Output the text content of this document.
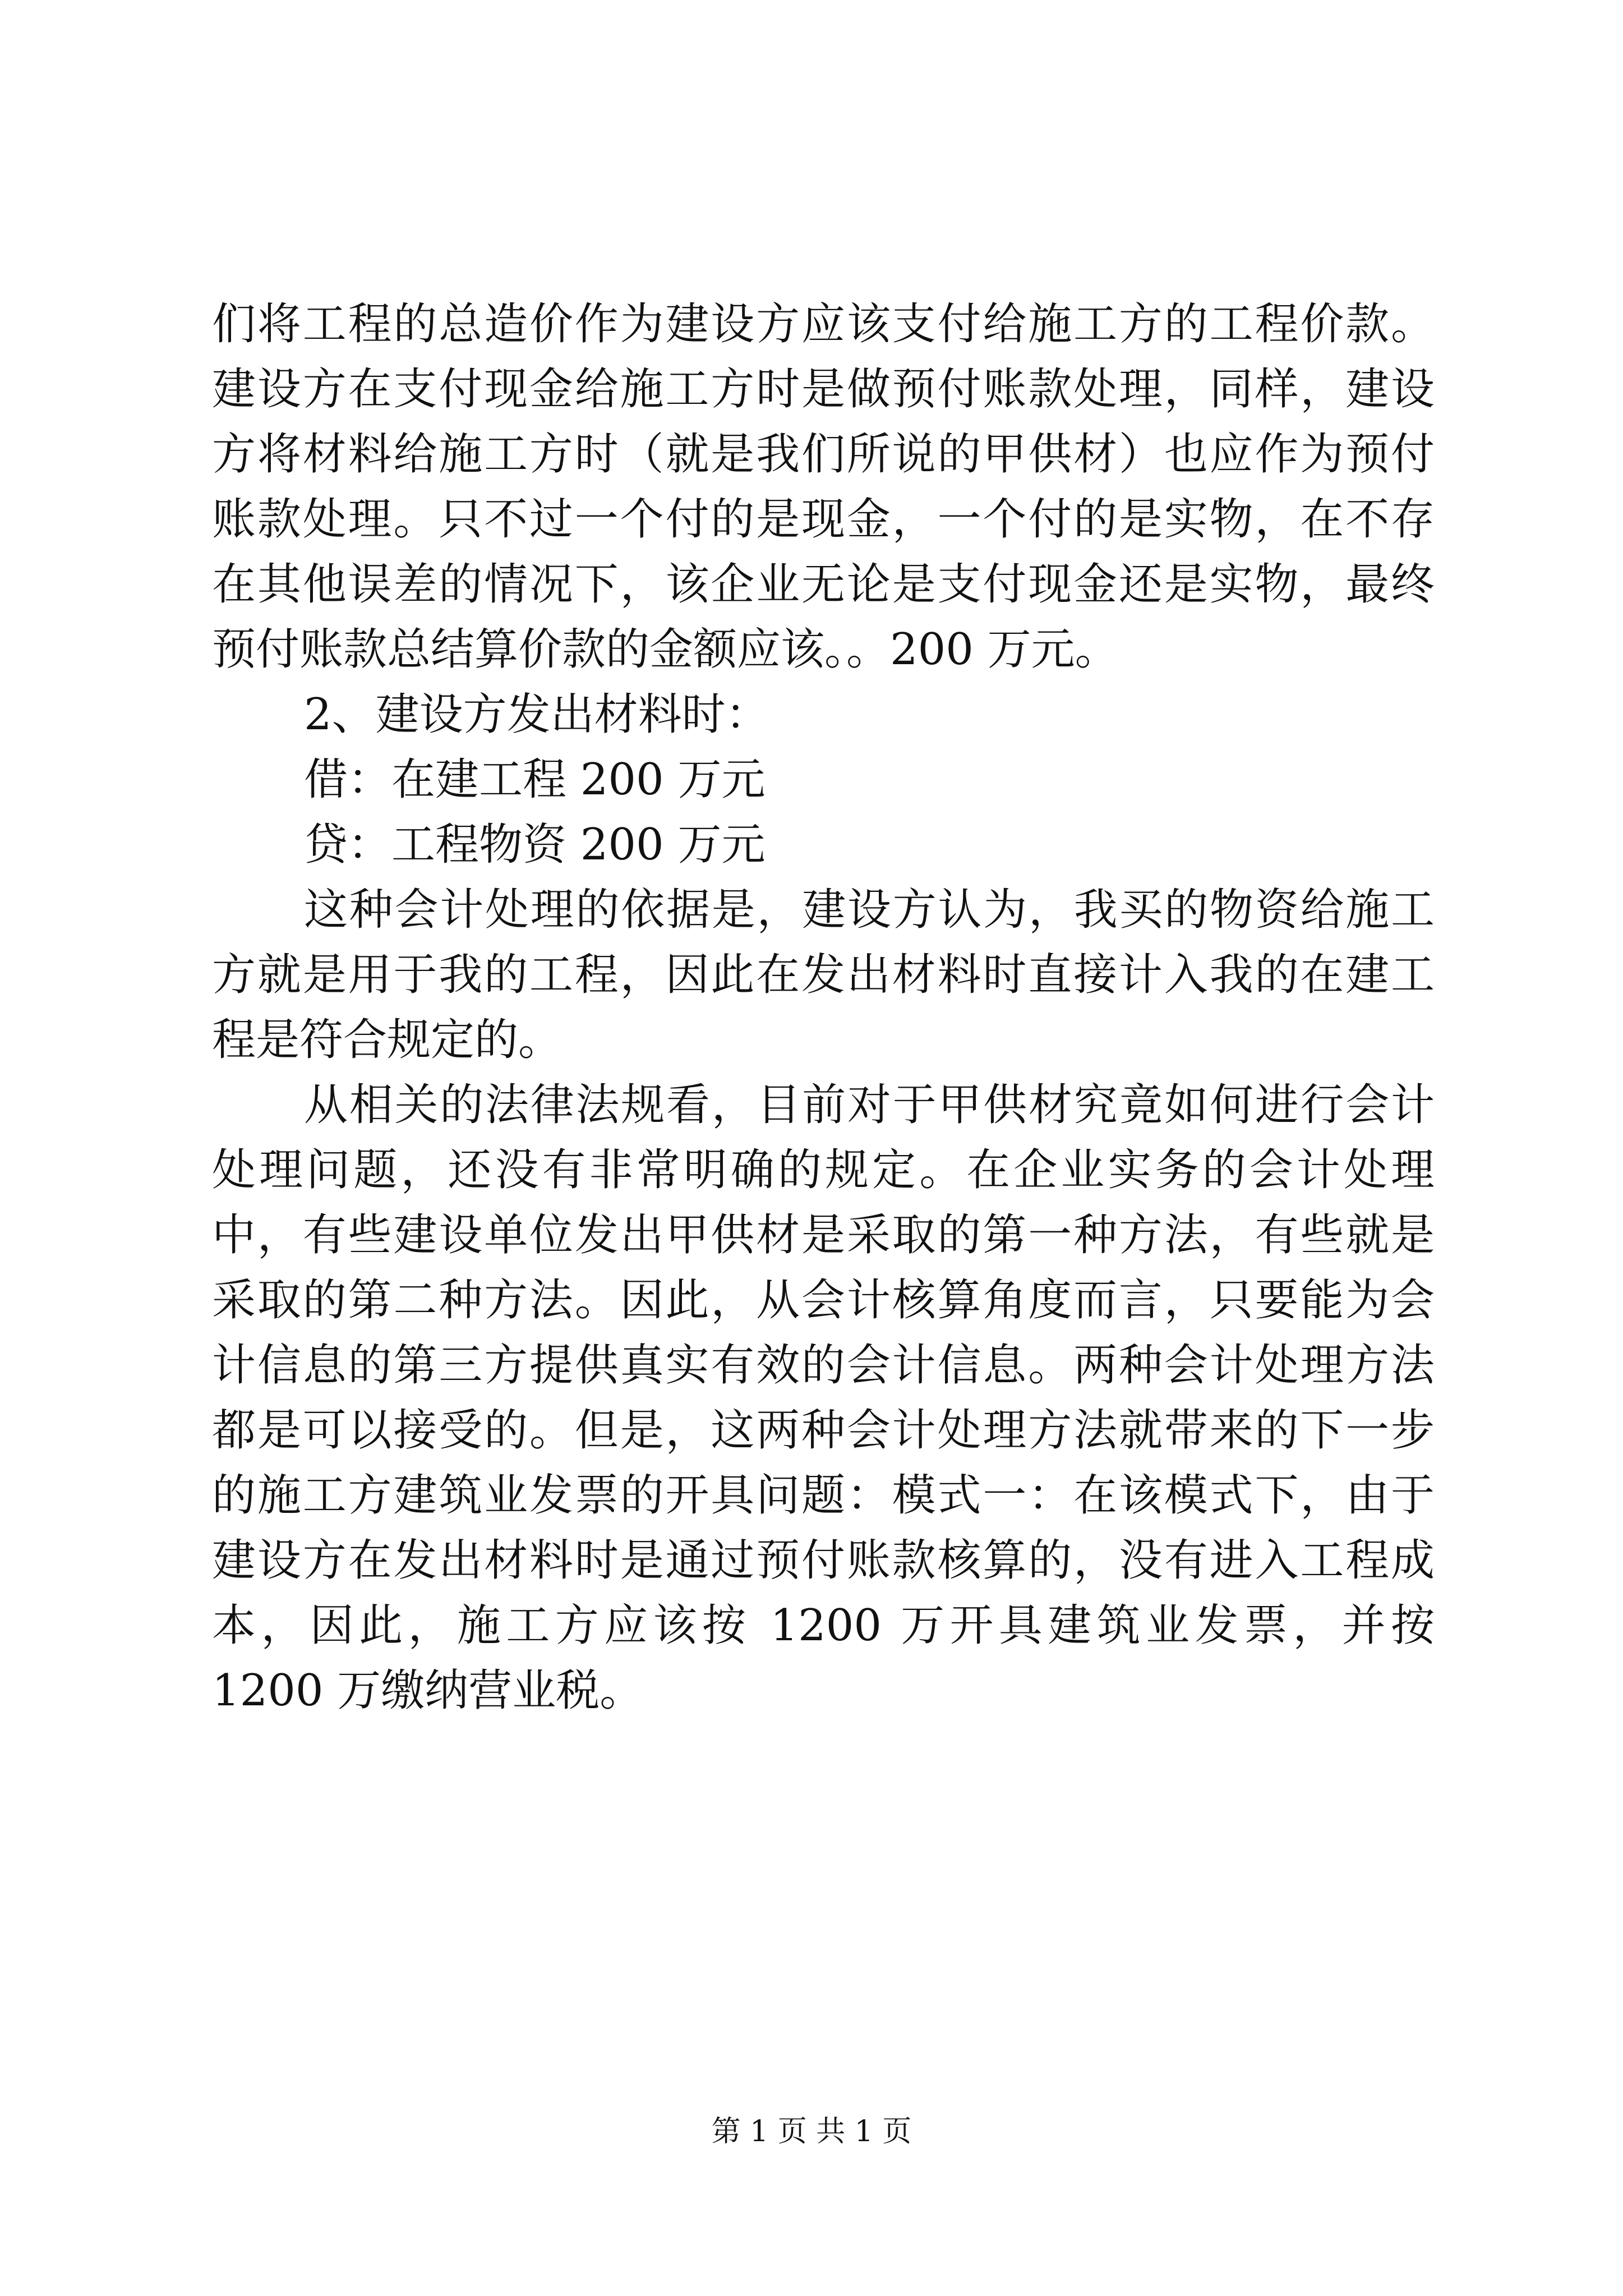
们将工程的总造价作为建设方应该支付给施工方的工程价款。建设方在支付现金给施工方时是做预付账款处理，同样，建设方将材料给施工方时（就是我们所说的甲供材）也应作为预付账款处理。只不过一个付的是现金，一个付的是实物，在不存在其他误差的情况下，该企业无论是支付现金还是实物，最终预付账款总结算价款的金额应该。。200 万元。

2、建设方发出材料时：

借：在建工程 200 万元

贷：工程物资 200 万元

这种会计处理的依据是，建设方认为，我买的物资给施工方就是用于我的工程，因此在发出材料时直接计入我的在建工程是符合规定的。

从相关的法律法规看，目前对于甲供材究竟如何进行会计处理问题，还没有非常明确的规定。在企业实务的会计处理中，有些建设单位发出甲供材是采取的第一种方法，有些就是采取的第二种方法。因此，从会计核算角度而言，只要能为会计信息的第三方提供真实有效的会计信息。两种会计处理方法都是可以接受的。但是，这两种会计处理方法就带来的下一步的施工方建筑业发票的开具问题：模式一：在该模式下，由于建设方在发出材料时是通过预付账款核算的，没有进入工程成本，因此，施工方应该按 1200 万开具建筑业发票，并按 1200 万缴纳营业税。

第 1 页 共 1 页
